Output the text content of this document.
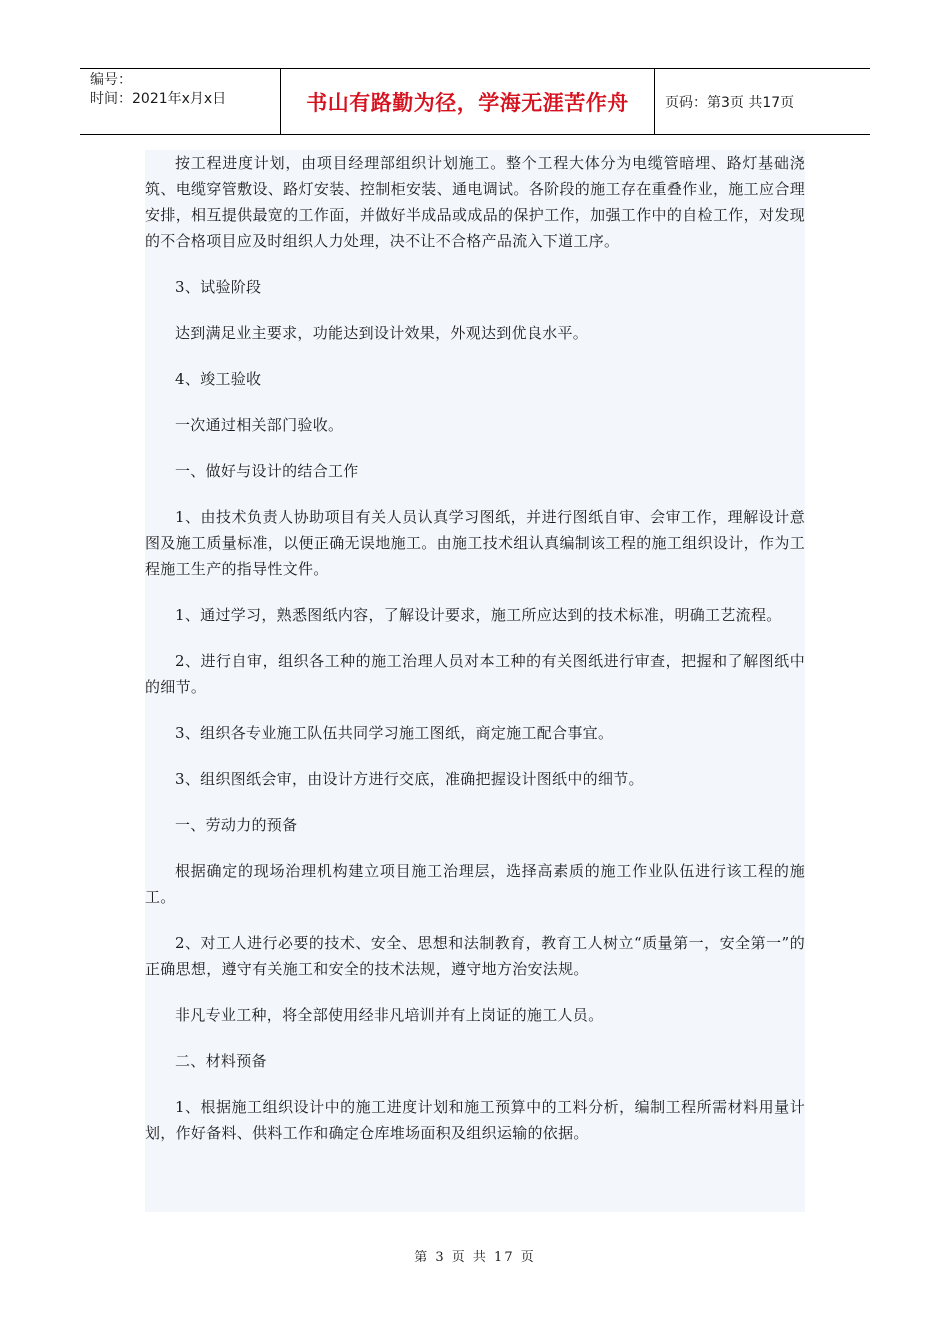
编号：
时间：2021年x月x日	书山有路勤为径，学海无涯苦作舟	页码：第3页 共17页

按工程进度计划，由项目经理部组织计划施工。整个工程大体分为电缆管暗埋、路灯基础浇筑、电缆穿管敷设、路灯安装、控制柜安装、通电调试。各阶段的施工存在重叠作业，施工应合理安排，相互提供最宽的工作面，并做好半成品或成品的保护工作，加强工作中的自检工作，对发现的不合格项目应及时组织人力处理，决不让不合格产品流入下道工序。

3、试验阶段

达到满足业主要求，功能达到设计效果，外观达到优良水平。

4、竣工验收

一次通过相关部门验收。

一、做好与设计的结合工作

1、由技术负责人协助项目有关人员认真学习图纸，并进行图纸自审、会审工作，理解设计意图及施工质量标准，以便正确无误地施工。由施工技术组认真编制该工程的施工组织设计，作为工程施工生产的指导性文件。

1、通过学习，熟悉图纸内容，了解设计要求，施工所应达到的技术标准，明确工艺流程。

2、进行自审，组织各工种的施工治理人员对本工种的有关图纸进行审查，把握和了解图纸中的细节。

3、组织各专业施工队伍共同学习施工图纸，商定施工配合事宜。

3、组织图纸会审，由设计方进行交底，准确把握设计图纸中的细节。

一、劳动力的预备

根据确定的现场治理机构建立项目施工治理层，选择高素质的施工作业队伍进行该工程的施工。

2、对工人进行必要的技术、安全、思想和法制教育，教育工人树立“质量第一，安全第一”的正确思想，遵守有关施工和安全的技术法规，遵守地方治安法规。

非凡专业工种，将全部使用经非凡培训并有上岗证的施工人员。

二、材料预备

1、根据施工组织设计中的施工进度计划和施工预算中的工料分析，编制工程所需材料用量计划，作好备料、供料工作和确定仓库堆场面积及组织运输的依据。

第 3 页 共 17 页
